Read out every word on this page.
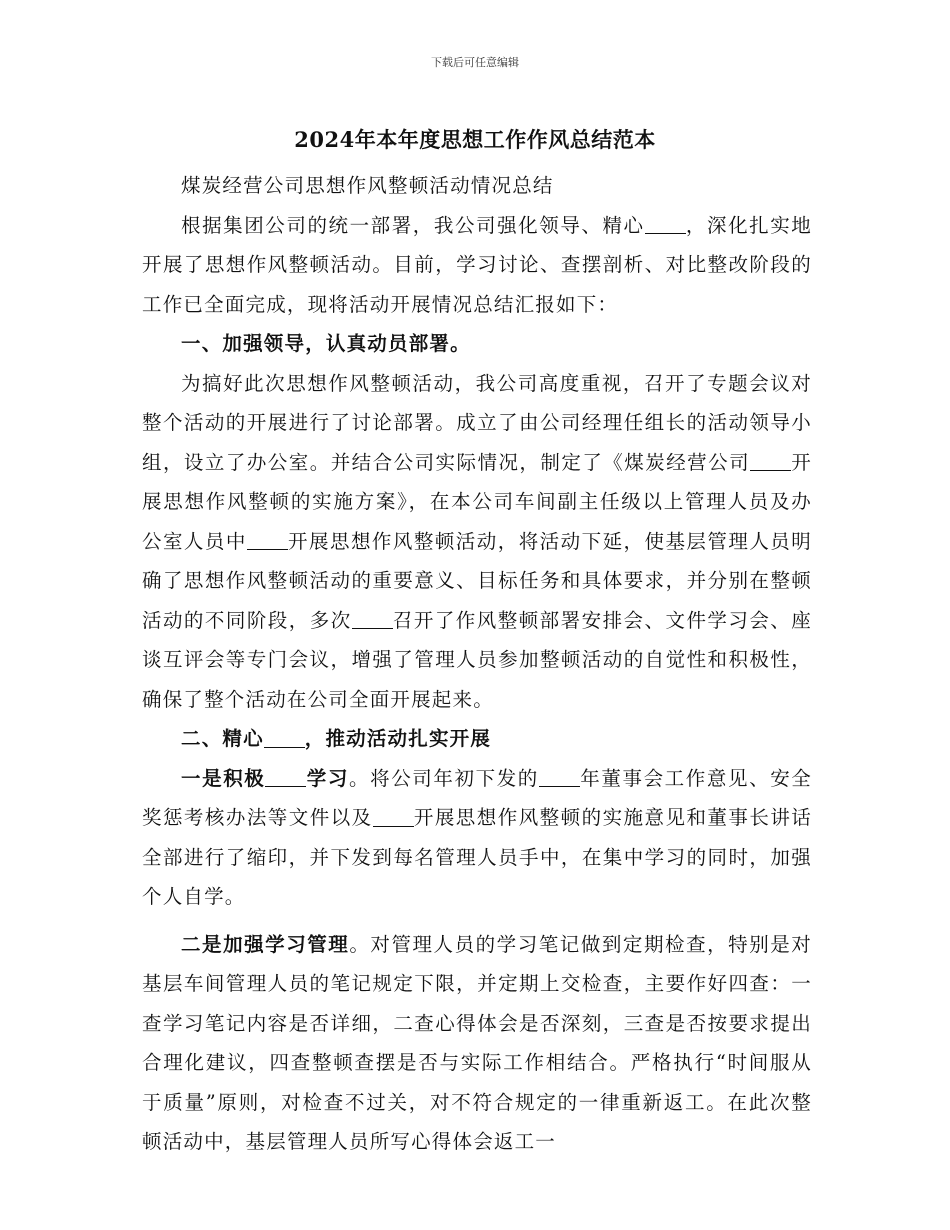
下载后可任意编辑
2024年本年度思想工作作风总结范本

煤炭经营公司思想作风整顿活动情况总结

根据集团公司的统一部署，我公司强化领导、精心 ，深化扎实地开展了思想作风整顿活动。目前，学习讨论、查摆剖析、对比整改阶段的工作已全面完成，现将活动开展情况总结汇报如下：

一、加强领导，认真动员部署。

为搞好此次思想作风整顿活动，我公司高度重视，召开了专题会议对整个活动的开展进行了讨论部署。成立了由公司经理任组长的活动领导小组，设立了办公室。并结合公司实际情况，制定了《煤炭经营公司 开展思想作风整顿的实施方案》，在本公司车间副主任级以上管理人员及办公室人员中 开展思想作风整顿活动，将活动下延，使基层管理人员明确了思想作风整顿活动的重要意义、目标任务和具体要求，并分别在整顿活动的不同阶段，多次 召开了作风整顿部署安排会、文件学习会、座谈互评会等专门会议，增强了管理人员参加整顿活动的自觉性和积极性，确保了整个活动在公司全面开展起来。

二、精心 ，推动活动扎实开展

一是积极 学习。将公司年初下发的 年董事会工作意见、安全奖惩考核办法等文件以及 开展思想作风整顿的实施意见和董事长讲话全部进行了缩印，并下发到每名管理人员手中，在集中学习的同时，加强个人自学。

二是加强学习管理。对管理人员的学习笔记做到定期检查，特别是对基层车间管理人员的笔记规定下限，并定期上交检查，主要作好四查：一查学习笔记内容是否详细，二查心得体会是否深刻，三查是否按要求提出合理化建议，四查整顿查摆是否与实际工作相结合。严格执行“时间服从于质量”原则，对检查不过关，对不符合规定的一律重新返工。在此次整顿活动中，基层管理人员所写心得体会返工一
